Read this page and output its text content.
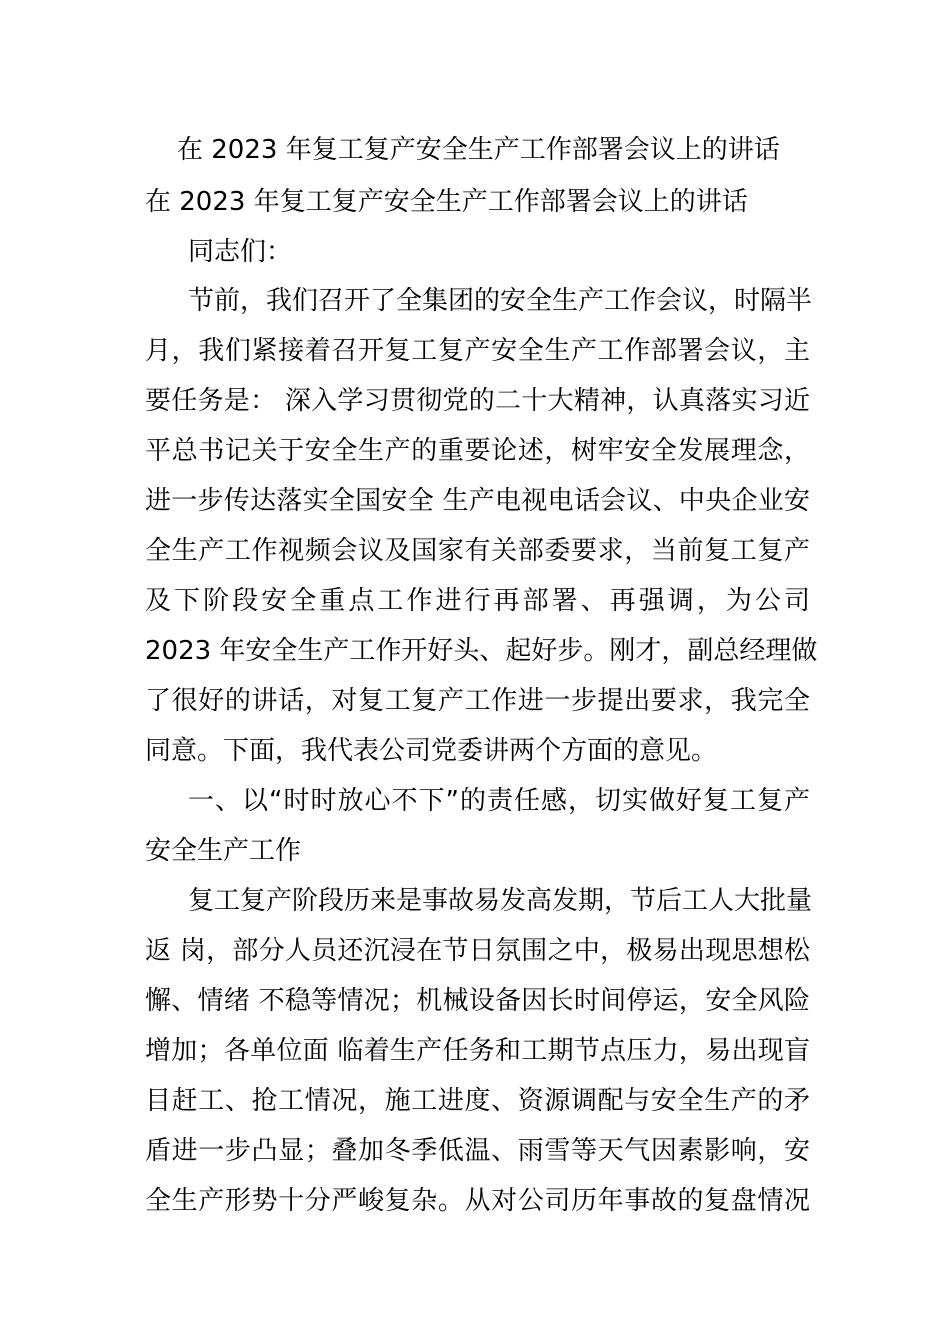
在 2023 年复工复产安全生产工作部署会议上的讲话
在 2023 年复工复产安全生产工作部署会议上的讲话
同志们：
节前，我们召开了全集团的安全生产工作会议，时隔半
月，我们紧接着召开复工复产安全生产工作部署会议，主
要任务是： 深入学习贯彻党的二十大精神，认真落实习近
平总书记关于安全生产的重要论述，树牢安全发展理念，
进一步传达落实全国安全 生产电视电话会议、中央企业安
全生产工作视频会议及国家有关部委要求，当前复工复产
及下阶段安全重点工作进行再部署、再强调，为公司
2023 年安全生产工作开好头、起好步。刚才，副总经理做
了很好的讲话，对复工复产工作进一步提出要求，我完全
同意。下面，我代表公司党委讲两个方面的意见。
一、以“时时放心不下”的责任感，切实做好复工复产
安全生产工作
复工复产阶段历来是事故易发高发期，节后工人大批量
返 岗，部分人员还沉浸在节日氛围之中，极易出现思想松
懈、情绪 不稳等情况；机械设备因长时间停运，安全风险
增加；各单位面 临着生产任务和工期节点压力，易出现盲
目赶工、抢工情况，施工进度、资源调配与安全生产的矛
盾进一步凸显；叠加冬季低温、雨雪等天气因素影响，安
全生产形势十分严峻复杂。从对公司历年事故的复盘情况
